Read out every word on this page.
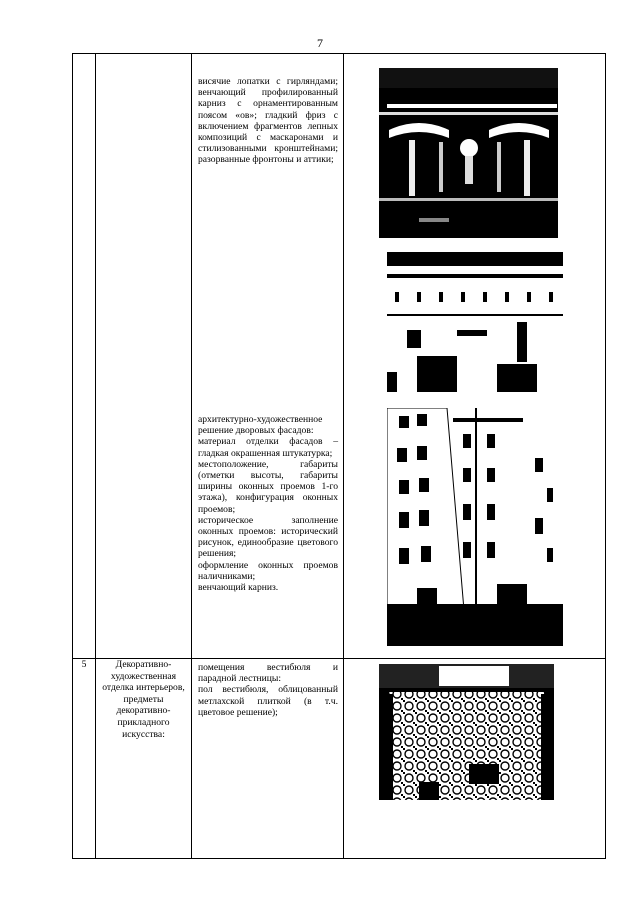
7
висячие лопатки с гирляндами; венчающий профилированный карниз с орнаментированным поясом «ов»; гладкий фриз с включением фрагментов лепных композиций с маскаронами и стилизованными кронштейнами; разорванные фронтоны и аттики;
архитектурно-художественное решение дворовых фасадов:
материал отделки фасадов – гладкая окрашенная штукатурка;
местоположение, габариты (отметки высоты, габариты ширины оконных проемов 1-го этажа), конфигурация оконных проемов;
историческое заполнение оконных проемов: исторический рисунок, единообразие цветового решения;
оформление оконных проемов наличниками;
венчающий карниз.
5	Декоративно-художественная отделка интерьеров, предметы декоративно-прикладного искусства:
помещения вестибюля и парадной лестницы:
пол вестибюля, облицованный метлахской плиткой (в т.ч. цветовое решение);
